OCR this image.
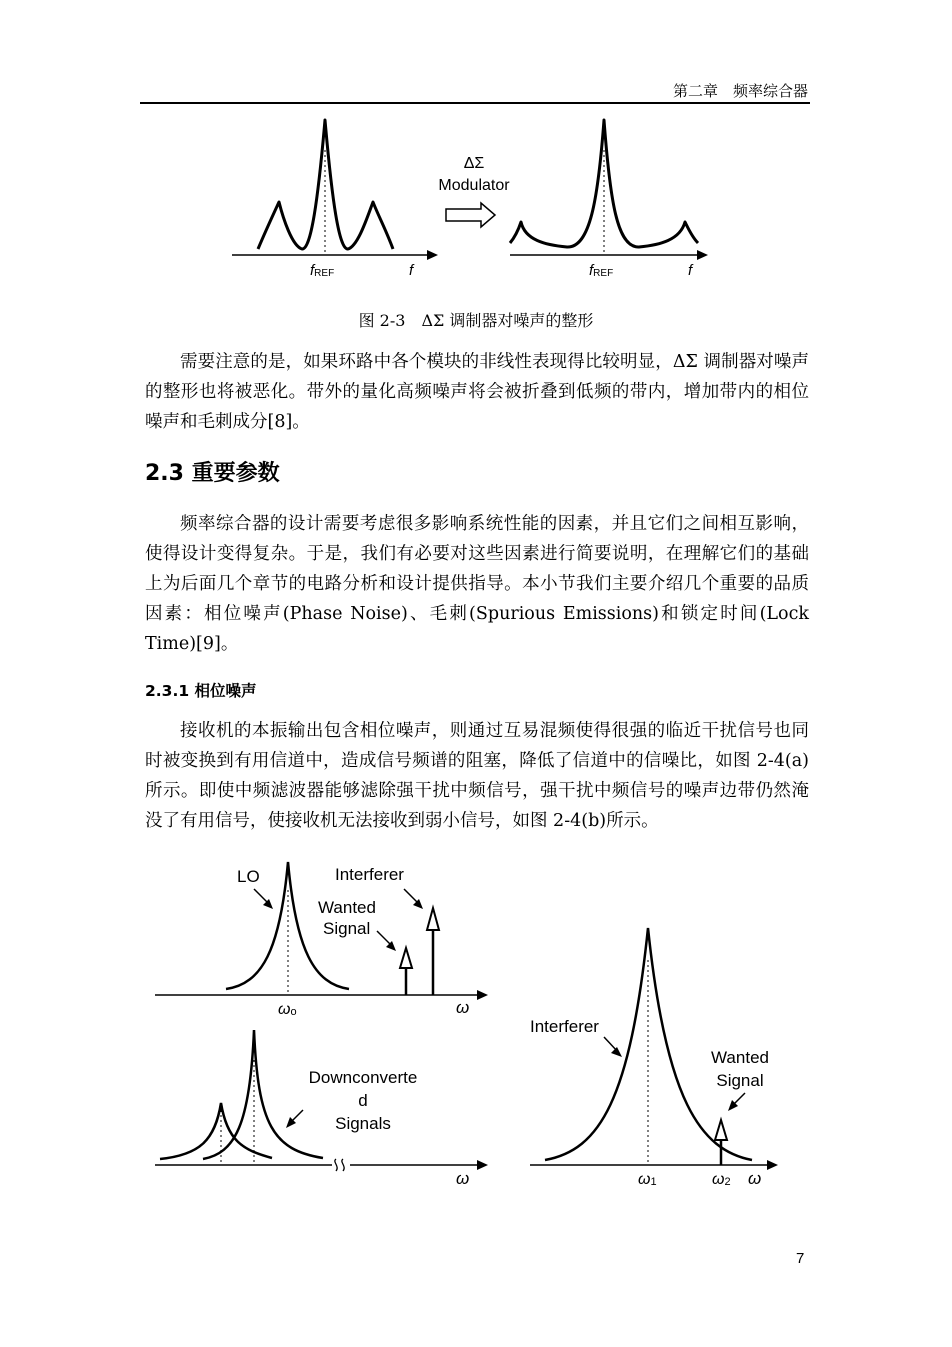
第二章　频率综合器
ΔΣ
Modulator
fREF	f	fREF	f
图 2-3　ΔΣ 调制器对噪声的整形

需要注意的是，如果环路中各个模块的非线性表现得比较明显，ΔΣ 调制器对噪声的整形也将被恶化。带外的量化高频噪声将会被折叠到低频的带内，增加带内的相位噪声和毛刺成分[8]。

2.3 重要参数

频率综合器的设计需要考虑很多影响系统性能的因素，并且它们之间相互影响，使得设计变得复杂。于是，我们有必要对这些因素进行简要说明，在理解它们的基础上为后面几个章节的电路分析和设计提供指导。本小节我们主要介绍几个重要的品质因素：相位噪声(Phase Noise)、毛刺(Spurious Emissions)和锁定时间(Lock Time)[9]。

2.3.1 相位噪声

接收机的本振输出包含相位噪声，则通过互易混频使得很强的临近干扰信号也同时被变换到有用信道中，造成信号频谱的阻塞，降低了信道中的信噪比，如图 2-4(a)所示。即使中频滤波器能够滤除强干扰中频信号，强干扰中频信号的噪声边带仍然淹没了有用信号，使接收机无法接收到弱小信号，如图 2-4(b)所示。

LO	Interferer
Wanted
Signal
ωo	ω
Downconverte
d
Signals
ω
Interferer
Wanted
Signal
ω1	ω2 ω
7
